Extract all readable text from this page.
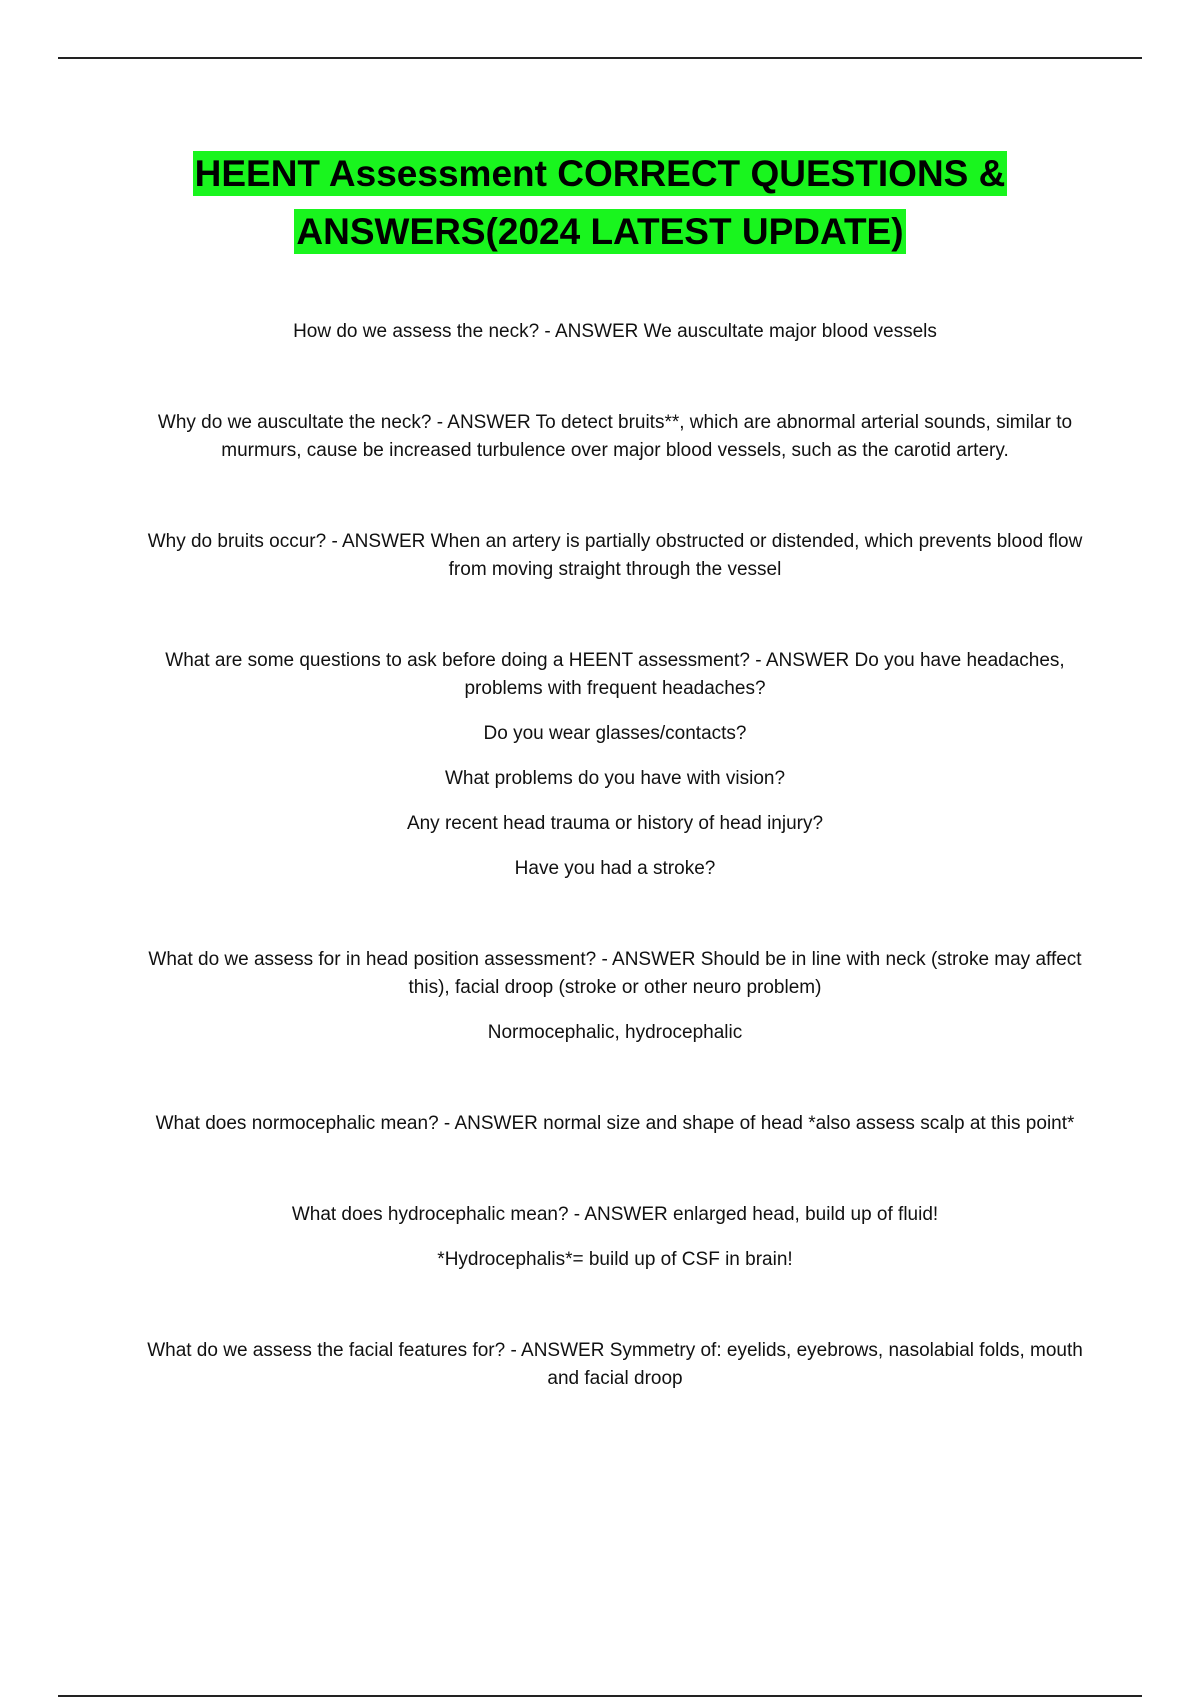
HEENT Assessment CORRECT QUESTIONS &
ANSWERS(2024 LATEST UPDATE)

How do we assess the neck? - ANSWER We auscultate major blood vessels

Why do we auscultate the neck? - ANSWER To detect bruits**, which are abnormal arterial sounds, similar to murmurs, cause be increased turbulence over major blood vessels, such as the carotid artery.

Why do bruits occur? - ANSWER When an artery is partially obstructed or distended, which prevents blood flow from moving straight through the vessel

What are some questions to ask before doing a HEENT assessment? - ANSWER Do you have headaches, problems with frequent headaches?

Do you wear glasses/contacts?

What problems do you have with vision?

Any recent head trauma or history of head injury?

Have you had a stroke?

What do we assess for in head position assessment? - ANSWER Should be in line with neck (stroke may affect this), facial droop (stroke or other neuro problem)

Normocephalic, hydrocephalic

What does normocephalic mean? - ANSWER normal size and shape of head *also assess scalp at this point*

What does hydrocephalic mean? - ANSWER enlarged head, build up of fluid!

*Hydrocephalis*= build up of CSF in brain!

What do we assess the facial features for? - ANSWER Symmetry of: eyelids, eyebrows, nasolabial folds, mouth and facial droop
